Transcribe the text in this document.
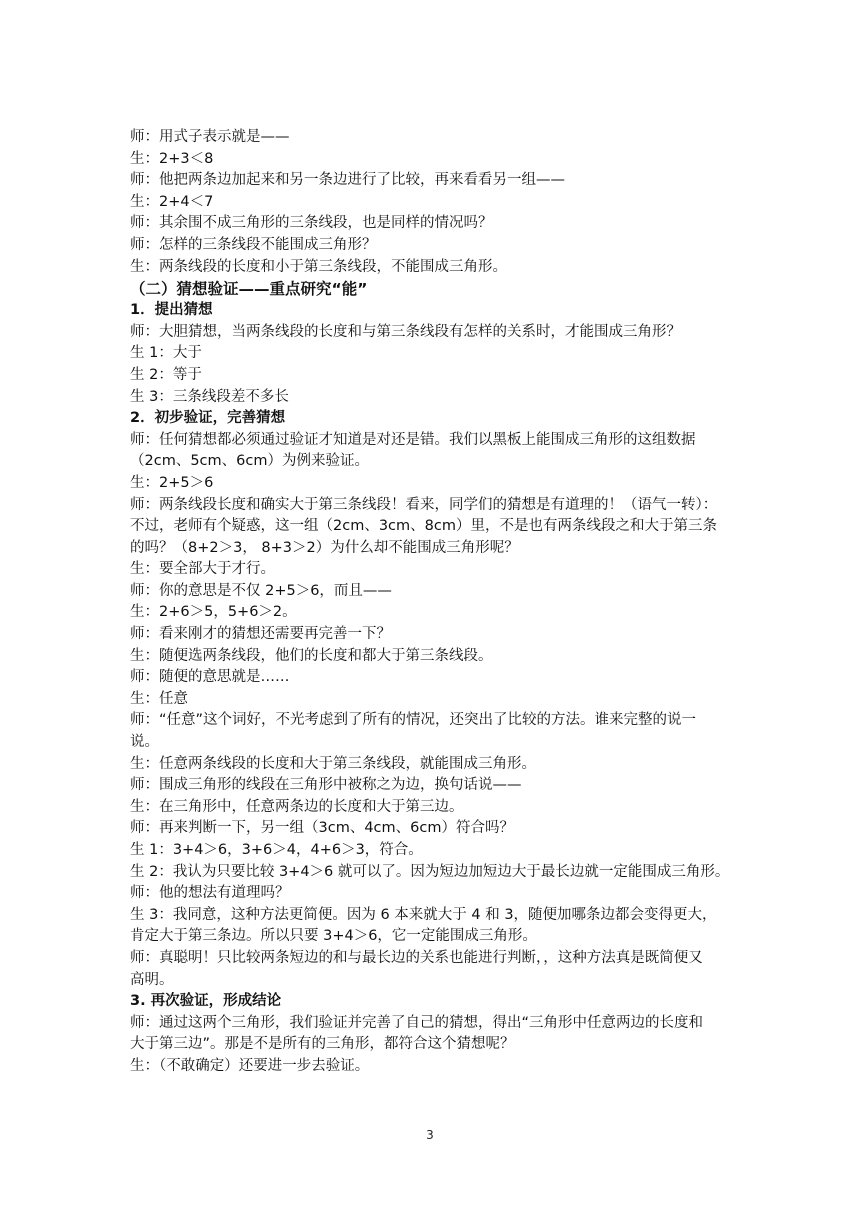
师：用式子表示就是——

生：2+3＜8

师：他把两条边加起来和另一条边进行了比较，再来看看另一组——

生：2+4＜7

师：其余围不成三角形的三条线段，也是同样的情况吗？

师：怎样的三条线段不能围成三角形？

生：两条线段的长度和小于第三条线段，不能围成三角形。

（二）猜想验证——重点研究“能”

1．提出猜想

师：大胆猜想，当两条线段的长度和与第三条线段有怎样的关系时，才能围成三角形？

生 1：大于

生 2：等于

生 3：三条线段差不多长

2．初步验证，完善猜想

师：任何猜想都必须通过验证才知道是对还是错。我们以黑板上能围成三角形的这组数据

（2cm、5cm、6cm）为例来验证。

生：2+5＞6

师：两条线段长度和确实大于第三条线段！看来，同学们的猜想是有道理的！（语气一转）：

不过，老师有个疑惑，这一组（2cm、3cm、8cm）里，不是也有两条线段之和大于第三条

的吗？（8+2＞3， 8+3＞2）为什么却不能围成三角形呢？

生：要全部大于才行。

师：你的意思是不仅 2+5＞6，而且——

生：2+6＞5，5+6＞2。

师：看来刚才的猜想还需要再完善一下？

生：随便选两条线段，他们的长度和都大于第三条线段。

师：随便的意思就是……

生：任意

师：“任意”这个词好，不光考虑到了所有的情况，还突出了比较的方法。谁来完整的说一

说。

生：任意两条线段的长度和大于第三条线段，就能围成三角形。

师：围成三角形的线段在三角形中被称之为边，换句话说——

生：在三角形中，任意两条边的长度和大于第三边。

师：再来判断一下，另一组（3cm、4cm、6cm）符合吗？

生 1：3+4＞6，3+6＞4，4+6＞3，符合。

生 2：我认为只要比较 3+4＞6 就可以了。因为短边加短边大于最长边就一定能围成三角形。

师：他的想法有道理吗？

生 3：我同意，这种方法更简便。因为 6 本来就大于 4 和 3，随便加哪条边都会变得更大，

肯定大于第三条边。所以只要 3+4＞6，它一定能围成三角形。

师：真聪明！只比较两条短边的和与最长边的关系也能进行判断，，这种方法真是既简便又

高明。

3. 再次验证，形成结论

师：通过这两个三角形，我们验证并完善了自己的猜想，得出“三角形中任意两边的长度和

大于第三边”。那是不是所有的三角形，都符合这个猜想呢？

生：（不敢确定）还要进一步去验证。

3
